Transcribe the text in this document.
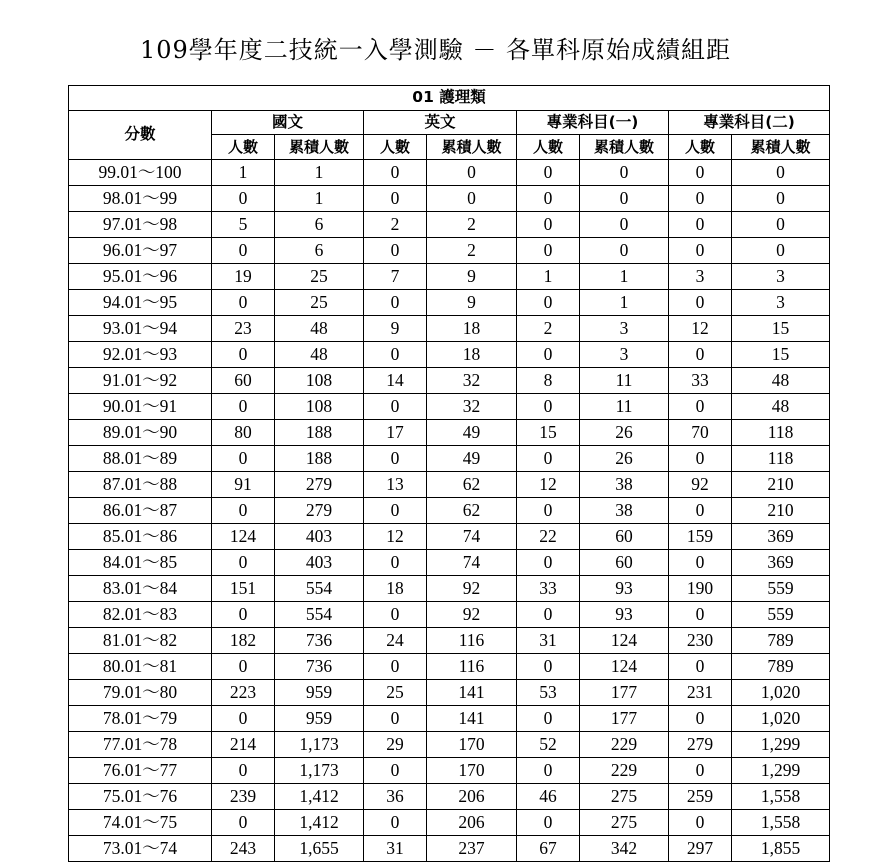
109學年度二技統一入學測驗 － 各單科原始成績組距
01 護理類								
分數	國文		英文		專業科目(一)		專業科目(二)	
	人數	累積人數	人數	累積人數	人數	累積人數	人數	累積人數
99.01～100	1	1	0	0	0	0	0	0
98.01～99	0	1	0	0	0	0	0	0
97.01～98	5	6	2	2	0	0	0	0
96.01～97	0	6	0	2	0	0	0	0
95.01～96	19	25	7	9	1	1	3	3
94.01～95	0	25	0	9	0	1	0	3
93.01～94	23	48	9	18	2	3	12	15
92.01～93	0	48	0	18	0	3	0	15
91.01～92	60	108	14	32	8	11	33	48
90.01～91	0	108	0	32	0	11	0	48
89.01～90	80	188	17	49	15	26	70	118
88.01～89	0	188	0	49	0	26	0	118
87.01～88	91	279	13	62	12	38	92	210
86.01～87	0	279	0	62	0	38	0	210
85.01～86	124	403	12	74	22	60	159	369
84.01～85	0	403	0	74	0	60	0	369
83.01～84	151	554	18	92	33	93	190	559
82.01～83	0	554	0	92	0	93	0	559
81.01～82	182	736	24	116	31	124	230	789
80.01～81	0	736	0	116	0	124	0	789
79.01～80	223	959	25	141	53	177	231	1,020
78.01～79	0	959	0	141	0	177	0	1,020
77.01～78	214	1,173	29	170	52	229	279	1,299
76.01～77	0	1,173	0	170	0	229	0	1,299
75.01～76	239	1,412	36	206	46	275	259	1,558
74.01～75	0	1,412	0	206	0	275	0	1,558
73.01～74	243	1,655	31	237	67	342	297	1,855
